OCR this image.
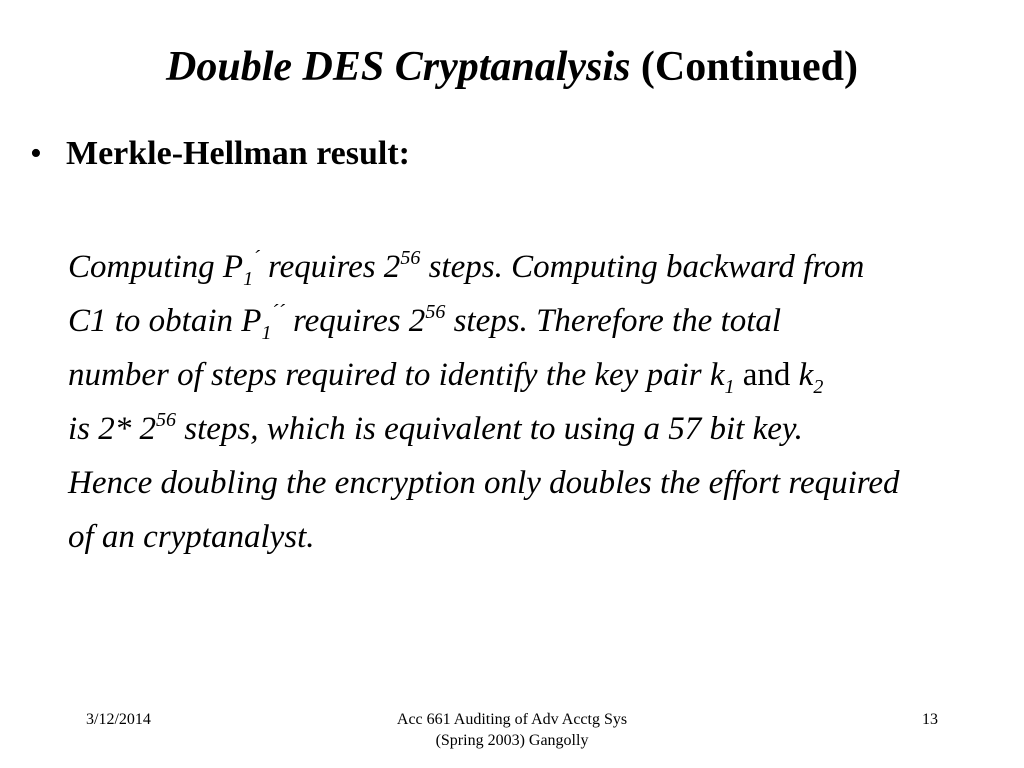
Double DES Cryptanalysis (Continued)
• Merkle-Hellman result:
Computing $P_1^´$ requires $2^{56}$ steps. Computing backward from
C1 to obtain $P_1^{´´}$ requires $2^{56}$ steps. Therefore the total
number of steps required to identify the key pair $k_1$ and $k_2$
is 2* $2^{56}$ steps, which is equivalent to using a 57 bit key.
Hence doubling the encryption only doubles the effort required
of an cryptanalyst.
3/12/2014	Acc 661 Auditing of Adv Acctg Sys
(Spring 2003) Gangolly
13
